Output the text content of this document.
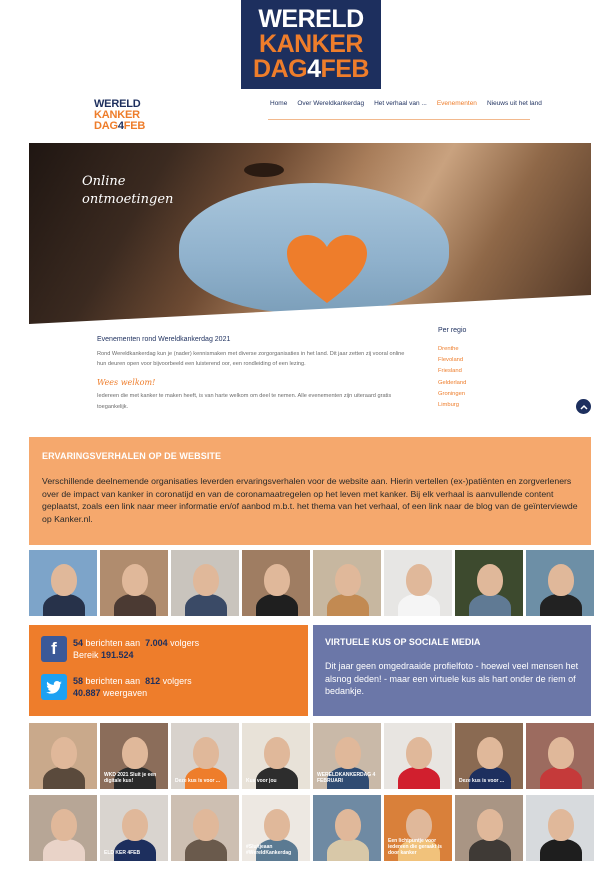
WERELD
KANKER
DAG4FEB
WERELD
KANKER
DAG4FEB
Home Over Wereldkankerdag Het verhaal van ... Evenementen Nieuws uit het land
Online
ontmoetingen
Evenementen rond Wereldkankerdag 2021

Rond Wereldkankerdag kun je (nader) kennismaken met diverse zorgorganisaties in het land. Dit jaar zetten zij vooral online hun deuren open voor bijvoorbeeld een luisterend oor, een rondleiding of een lezing.

Wees welkom!

Iedereen die met kanker te maken heeft, is van harte welkom om deel te nemen. Alle evenementen zijn uiteraard gratis toegankelijk.

Per regio
Drenthe
Flevoland
Friesland
Gelderland
Groningen
Limburg
ERVARINGSVERHALEN OP DE WEBSITE

Verschillende deelnemende organisaties leverden ervaringsverhalen voor de website aan. Hierin vertellen (ex-)patiënten en zorgverleners over de impact van kanker in coronatijd en van de coronamaatregelen op het leven met kanker. Bij elk verhaal is aanvullende content geplaatst, zoals een link naar meer informatie en/of aanbod m.b.t. het thema van het verhaal, of een link naar de blog van de geïnterviewde op Kanker.nl.

f	54 berichten aan 7.004 volgers
Bereik 191.524
58 berichten aan 812 volgers
40.887 weergaven
VIRTUELE KUS OP SOCIALE MEDIA

Dit jaar geen omgedraaide profielfoto - hoewel veel mensen het alsnog deden! - maar een virtuele kus als hart onder de riem of bedankje.

WKD 2021 Sluit je een digitale kus!	Deze kus is voor ...	Kus voor jou
WERELDKANKERDAG 4 FEBRUARI	Deze kus is voor ...
ELD KER 4FEB
#Sluitjeaan #WereldKankerdag
Een lichtpuntje voor iedereen die geraakt is door kanker
